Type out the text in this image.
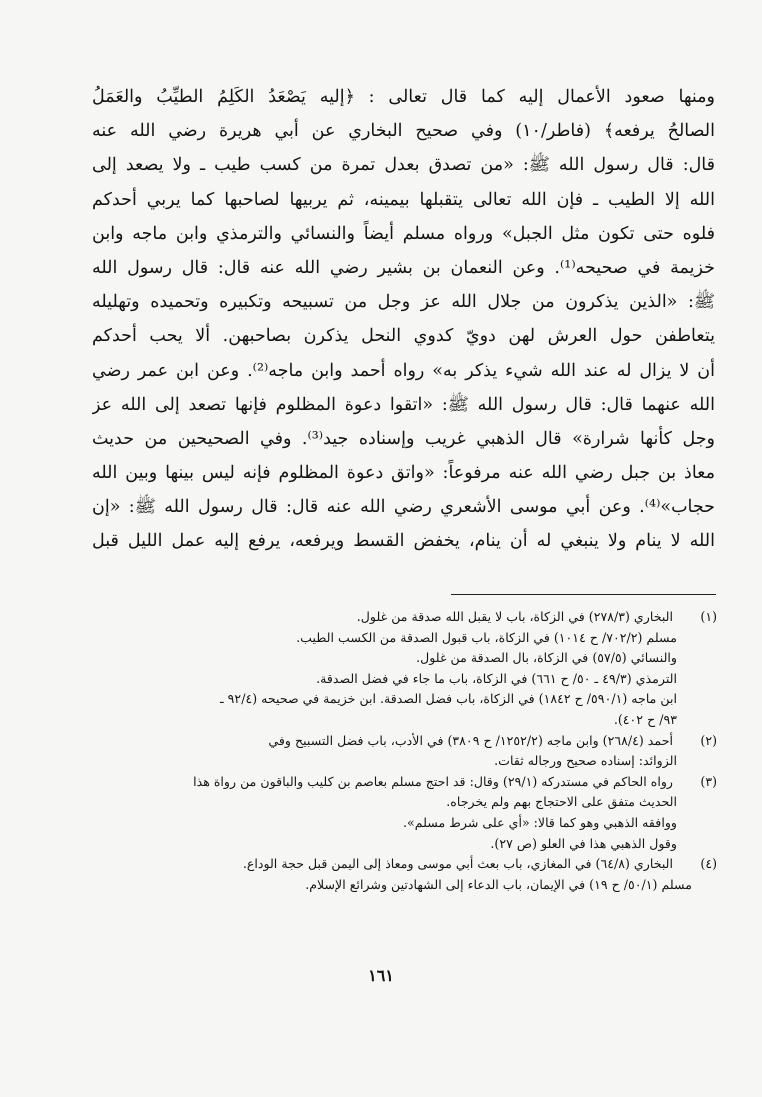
ومنها صعود الأعمال إليه كما قال تعالى : ﴿إليه يَصْعَدُ الكَلِمُ الطيِّبُ والعَمَلُ

الصالحُ يرفعه﴾ (فاطر/١٠) وفي صحيح البخاري عن أبي هريرة رضي الله عنه

قال: قال رسول الله ﷺ: «من تصدق بعدل تمرة من كسب طيب ـ ولا يصعد إلى

الله إلا الطيب ـ فإن الله تعالى يتقبلها بيمينه، ثم يربيها لصاحبها كما يربي أحدكم

فلوه حتى تكون مثل الجبل» ورواه مسلم أيضاً والنسائي والترمذي وابن ماجه وابن

خزيمة في صحيحه⁽¹⁾. وعن النعمان بن بشير رضي الله عنه قال: قال رسول الله

ﷺ: «الذين يذكرون من جلال الله عز وجل من تسبيحه وتكبيره وتحميده وتهليله

يتعاطفن حول العرش لهن دويّ كدوي النحل يذكرن بصاحبهن. ألا يحب أحدكم

أن لا يزال له عند الله شيء يذكر به» رواه أحمد وابن ماجه⁽²⁾. وعن ابن عمر رضي

الله عنهما قال: قال رسول الله ﷺ: «اتقوا دعوة المظلوم فإنها تصعد إلى الله عز

وجل كأنها شرارة» قال الذهبي غريب وإسناده جيد⁽³⁾. وفي الصحيحين من حديث

معاذ بن جبل رضي الله عنه مرفوعاً: «واتق دعوة المظلوم فإنه ليس بينها وبين الله

حجاب»⁽⁴⁾. وعن أبي موسى الأشعري رضي الله عنه قال: قال رسول الله ﷺ: «إن

الله لا ينام ولا ينبغي له أن ينام، يخفض القسط ويرفعه، يرفع إليه عمل الليل قبل

(١) البخاري (٢٧٨/٣) في الزكاة، باب لا يقبل الله صدقة من غلول.
مسلم (٧٠٢/٢/ ح ١٠١٤) في الزكاة، باب قبول الصدقة من الكسب الطيب.
والنسائي (٥٧/٥) في الزكاة، بال الصدقة من غلول.
الترمذي (٤٩/٣ ـ ٥٠/ ح ٦٦١) في الزكاة، باب ما جاء في فضل الصدقة.
ابن ماجه (٥٩٠/١/ ح ١٨٤٢) في الزكاة، باب فضل الصدقة. ابن خزيمة في صحيحه (٩٢/٤ ـ
٩٣/ ح ٤٠٢).
(٢) أحمد (٢٦٨/٤) وابن ماجه (١٢٥٢/٢/ ح ٣٨٠٩) في الأدب، باب فضل التسبيح وفي
الزوائد: إسناده صحيح ورجاله ثقات.
(٣) رواه الحاكم في مستدركه (٢٩/١) وقال: قد احتج مسلم بعاصم بن كليب والباقون من رواة هذا
الحديث متفق على الاحتجاج بهم ولم يخرجاه.
ووافقه الذهبي وهو كما قالا: «أي على شرط مسلم».
وقول الذهبي هذا في العلو (ص ٢٧).
(٤) البخاري (٦٤/٨) في المغازي، باب بعث أبي موسى ومعاذ إلى اليمن قبل حجة الوداع.
مسلم (٥٠/١/ ح ١٩) في الإيمان، باب الدعاء إلى الشهادتين وشرائع الإسلام.
١٦١
